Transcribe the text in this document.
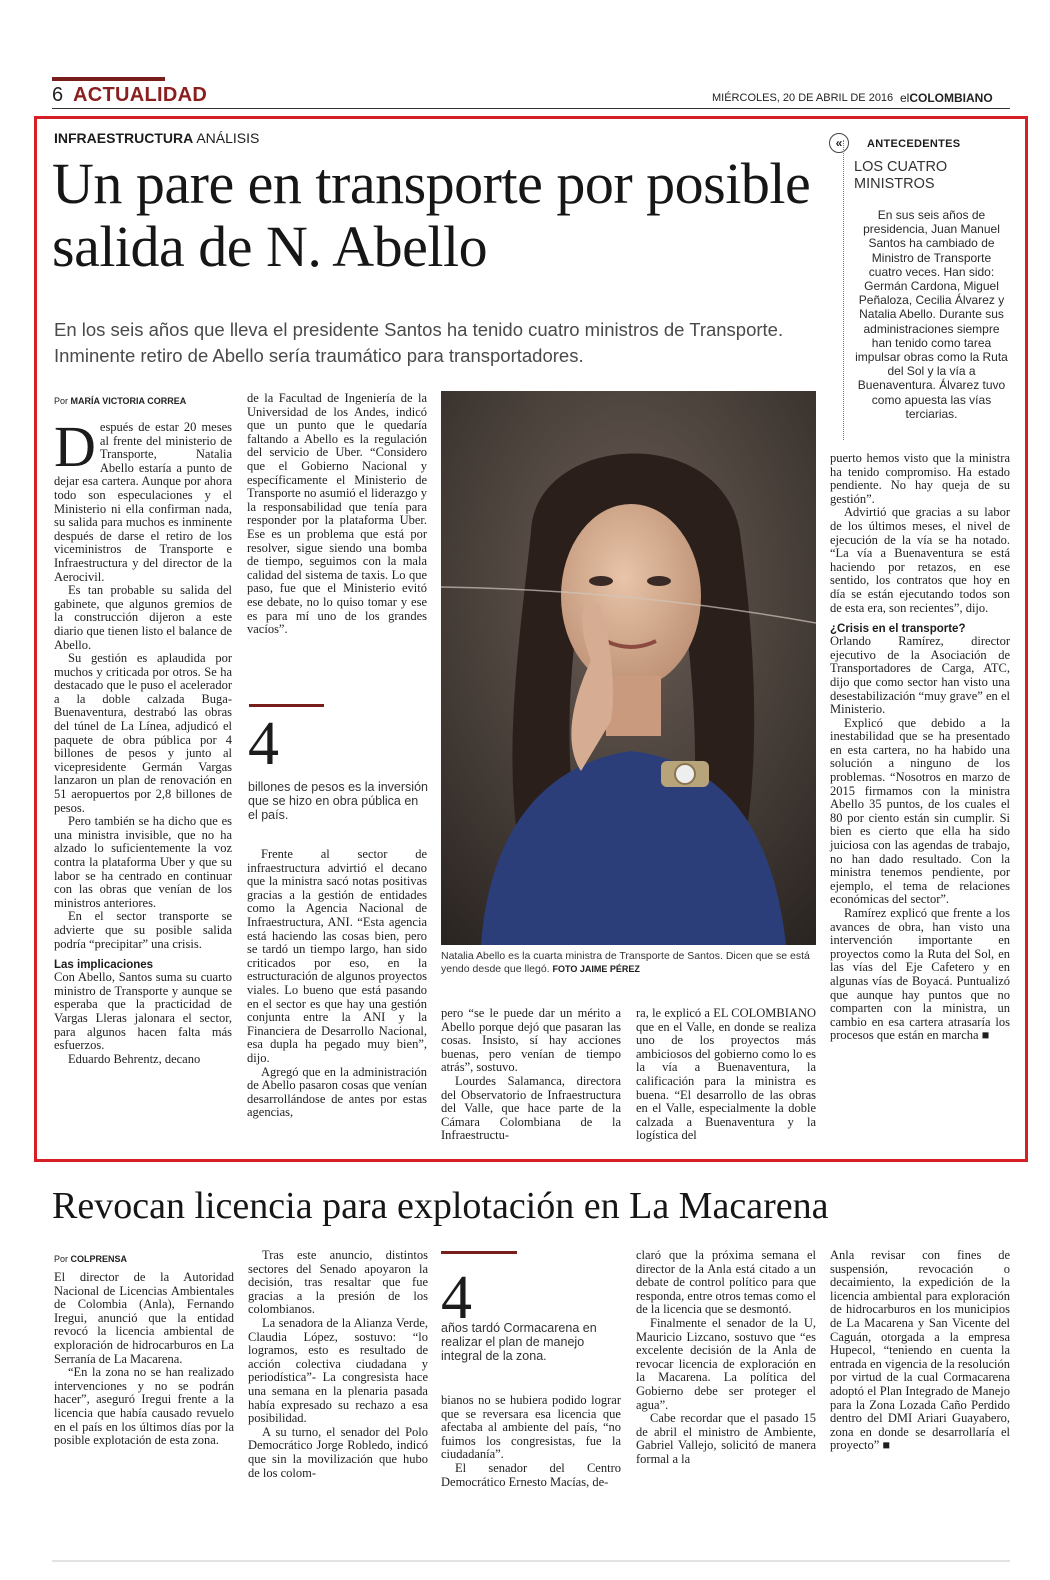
6 ACTUALIDAD	MIÉRCOLES, 20 DE ABRIL DE 2016 elCOLOMBIANO
INFRAESTRUCTURA ANÁLISIS
Un pare en transporte por posible salida de N. Abello
En los seis años que lleva el presidente Santos ha tenido cuatro ministros de Transporte. Inminente retiro de Abello sería traumático para transportadores.
Por MARÍA VICTORIA CORREA

Después de estar 20 meses al frente del ministerio de Transporte, Natalia Abello estaría a punto de dejar esa cartera. Aunque por ahora todo son especulaciones y el Ministerio ni ella confirman nada, su salida para muchos es inminente después de darse el retiro de los viceministros de Transporte e Infraestructura y del director de la Aerocivil.

Es tan probable su salida del gabinete, que algunos gremios de la construcción dijeron a este diario que tienen listo el balance de Abello.

Su gestión es aplaudida por muchos y criticada por otros. Se ha destacado que le puso el acelerador a la doble calzada Buga-Buenaventura, destrabó las obras del túnel de La Línea, adjudicó el paquete de obra pública por 4 billones de pesos y junto al vicepresidente Germán Vargas lanzaron un plan de renovación en 51 aeropuertos por 2,8 billones de pesos.

Pero también se ha dicho que es una ministra invisible, que no ha alzado lo suficientemente la voz contra la plataforma Uber y que su labor se ha centrado en continuar con las obras que venían de los ministros anteriores.

En el sector transporte se advierte que su posible salida podría “precipitar” una crisis.

Las implicaciones

Con Abello, Santos suma su cuarto ministro de Transporte y aunque se esperaba que la practicidad de Vargas Lleras jalonara el sector, para algunos hacen falta más esfuerzos.

Eduardo Behrentz, decano

de la Facultad de Ingeniería de la Universidad de los Andes, indicó que un punto que le quedaría faltando a Abello es la regulación del servicio de Uber. “Considero que el Gobierno Nacional y específicamente el Ministerio de Transporte no asumió el liderazgo y la responsabilidad que tenía para responder por la plataforma Uber. Ese es un problema que está por resolver, sigue siendo una bomba de tiempo, seguimos con la mala calidad del sistema de taxis. Lo que paso, fue que el Ministerio evitó ese debate, no lo quiso tomar y ese es para mí uno de los grandes vacíos”.

4
billones de pesos es la inversión que se hizo en obra pública en el país.

Frente al sector de infraestructura advirtió el decano que la ministra sacó notas positivas gracias a la gestión de entidades como la Agencia Nacional de Infraestructura, ANI. “Esta agencia está haciendo las cosas bien, pero se tardó un tiempo largo, han sido criticados por eso, en la estructuración de algunos proyectos viales. Lo bueno que está pasando en el sector es que hay una gestión conjunta entre la ANI y la Financiera de Desarrollo Nacional, esa dupla ha pegado muy bien”, dijo.

Agregó que en la administración de Abello pasaron cosas que venían desarrollándose de antes por estas agencias,

Natalia Abello es la cuarta ministra de Transporte de Santos. Dicen que se está yendo desde que llegó. FOTO JAIME PÉREZ

pero “se le puede dar un mérito a Abello porque dejó que pasaran las cosas. Insisto, sí hay acciones buenas, pero venían de tiempo atrás”, sostuvo.

Lourdes Salamanca, directora del Observatorio de Infraestructura del Valle, que hace parte de la Cámara Colombiana de la Infraestructu-

ra, le explicó a EL COLOMBIANO que en el Valle, en donde se realiza uno de los proyectos más ambiciosos del gobierno como lo es la vía a Buenaventura, la calificación para la ministra es buena. “El desarrollo de las obras en el Valle, especialmente la doble calzada a Buenaventura y la logística del

puerto hemos visto que la ministra ha tenido compromiso. Ha estado pendiente. No hay queja de su gestión”.

Advirtió que gracias a su labor de los últimos meses, el nivel de ejecución de la vía se ha notado. “La vía a Buenaventura se está haciendo por retazos, en ese sentido, los contratos que hoy en día se están ejecutando todos son de esta era, son recientes”, dijo.

¿Crisis en el transporte?

Orlando Ramírez, director ejecutivo de la Asociación de Transportadores de Carga, ATC, dijo que como sector han visto una desestabilización “muy grave” en el Ministerio.

Explicó que debido a la inestabilidad que se ha presentado en esta cartera, no ha habido una solución a ninguno de los problemas. “Nosotros en marzo de 2015 firmamos con la ministra Abello 35 puntos, de los cuales el 80 por ciento están sin cumplir. Si bien es cierto que ella ha sido juiciosa con las agendas de trabajo, no han dado resultado. Con la ministra tenemos pendiente, por ejemplo, el tema de relaciones económicas del sector”.

Ramírez explicó que frente a los avances de obra, han visto una intervención importante en proyectos como la Ruta del Sol, en las vías del Eje Cafetero y en algunas vías de Boyacá. Puntualizó que aunque hay puntos que no comparten con la ministra, un cambio en esa cartera atrasaría los procesos que están en marcha ■

«	ANTECEDENTES
LOS CUATRO MINISTROS
En sus seis años de presidencia, Juan Manuel Santos ha cambiado de Ministro de Transporte cuatro veces. Han sido: Germán Cardona, Miguel Peñaloza, Cecilia Álvarez y Natalia Abello. Durante sus administraciones siempre han tenido como tarea impulsar obras como la Ruta del Sol y la vía a Buenaventura. Álvarez tuvo como apuesta las vías terciarias.
Revocan licencia para explotación en La Macarena
Por COLPRENSA

El director de la Autoridad Nacional de Licencias Ambientales de Colombia (Anla), Fernando Iregui, anunció que la entidad revocó la licencia ambiental de exploración de hidrocarburos en La Serranía de La Macarena.

“En la zona no se han realizado intervenciones y no se podrán hacer”, aseguró Iregui frente a la licencia que había causado revuelo en el país en los últimos días por la posible explotación de esta zona.

Tras este anuncio, distintos sectores del Senado apoyaron la decisión, tras resaltar que fue gracias a la presión de los colombianos.

La senadora de la Alianza Verde, Claudia López, sostuvo: “lo logramos, esto es resultado de acción colectiva ciudadana y periodística”- La congresista hace una semana en la plenaria pasada había expresado su rechazo a esa posibilidad.

A su turno, el senador del Polo Democrático Jorge Robledo, indicó que sin la movilización que hubo de los colom-

4
años tardó Cormacarena en realizar el plan de manejo integral de la zona.

bianos no se hubiera podido lograr que se reversara esa licencia que afectaba al ambiente del país, “no fuimos los congresistas, fue la ciudadanía”.

El senador del Centro Democrático Ernesto Macías, de-

claró que la próxima semana el director de la Anla está citado a un debate de control político para que responda, entre otros temas como el de la licencia que se desmontó.

Finalmente el senador de la U, Mauricio Lizcano, sostuvo que “es excelente decisión de la Anla de revocar licencia de exploración en la Macarena. La política del Gobierno debe ser proteger el agua”.

Cabe recordar que el pasado 15 de abril el ministro de Ambiente, Gabriel Vallejo, solicitó de manera formal a la

Anla revisar con fines de suspensión, revocación o decaimiento, la expedición de la licencia ambiental para exploración de hidrocarburos en los municipios de La Macarena y San Vicente del Caguán, otorgada a la empresa Hupecol, “teniendo en cuenta la entrada en vigencia de la resolución por virtud de la cual Cormacarena adoptó el Plan Integrado de Manejo para la Zona Lozada Caño Perdido dentro del DMI Ariari Guayabero, zona en donde se desarrollaría el proyecto” ■
